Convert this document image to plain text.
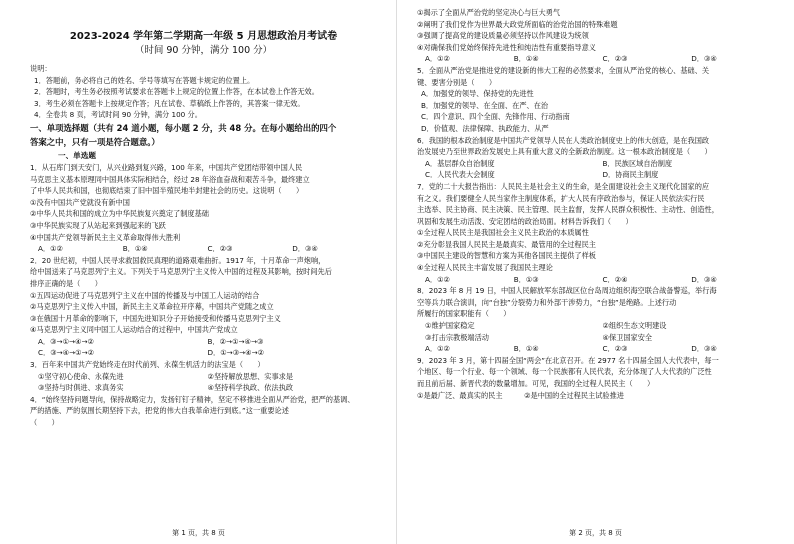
2023-2024 学年第二学期高一年级 5 月思想政治月考试卷
（时间 90 分钟，满分 100 分）
说明：
1．答题前，务必将自己的姓名、学号等填写在答题卡规定的位置上。
2．答题时，考生务必按照考试要求在答题卡上规定的位置上作答，在本试卷上作答无效。
3．考生必须在答题卡上按规定作答；凡在试卷、草稿纸上作答的，其答案一律无效。
4．全卷共 8 页，考试时间 90 分钟，满分 100 分。
一、单项选择题（共有 24 道小题，每小题 2 分，共 48 分。在每小题给出的四个
答案之中，只有一项是符合题意。）
一、单选题
1．从石库门到天安门，从兴业路到复兴路，100 年来，中国共产党团结带领中国人民
马克思主义基本原理同中国具体实际相结合，经过 28 年浴血奋战和艰苦斗争，最终建立
了中华人民共和国，也彻底结束了旧中国半殖民地半封建社会的历史。这说明（　　）
①没有中国共产党就没有新中国
②中华人民共和国的成立为中华民族复兴奠定了制度基础
③中华民族实现了从站起来到强起来的飞跃
④中国共产党领导新民主主义革命取得伟大胜利
A．①②	B．①④	C．②③	D．③④
2．20 世纪初，中国人民寻求救国救民真理的道路艰难曲折。1917 年，十月革命一声炮响，
给中国送来了马克思列宁主义。下列关于马克思列宁主义传入中国的过程及其影响，按时间先后
排序正确的是（　　）
①五四运动促进了马克思列宁主义在中国的传播及与中国工人运动的结合
②马克思列宁主义传入中国，新民主主义革命拉开序幕，中国共产党随之成立
③在俄国十月革命的影响下，中国先进知识分子开始接受和传播马克思列宁主义
④马克思列宁主义同中国工人运动结合的过程中，中国共产党成立
A．③→①→④→②	B．②→①→④→③
C．③→④→①→②	D．①→③→④→②
3．百年来中国共产党始终走在时代前列、永葆生机活力的法宝是（　　）
①坚守初心使命、永葆先进	②坚持解放思想、实事求是
③坚持与时俱进、求真务实	④坚持科学执政、依法执政
4．“始终坚持问题导向，保持战略定力，发扬钉钉子精神，坚定不移推进全面从严治党，把严的基调、
严的措施、严的氛围长期坚持下去，把党的伟大自我革命进行到底。”这一重要论述
（　　）
第 1 页，共 8 页
①揭示了全面从严治党的坚定决心与巨大勇气
②阐明了我们党作为世界最大政党所面临的治党治国的特殊难题
③强调了提高党的建设质量必须坚持以作风建设为统领
④对确保我们党始终保持先进性和纯洁性有重要指导意义
A．①②	B．①④	C．②③	D．③④
5．全面从严治党是推进党的建设新的伟大工程的必然要求，全面从严治党的核心、基础、关
键、要害分别是（　　）
A．加强党的领导、保持党的先进性
B．加强党的领导、在全面、在严、在治
C．四个意识、四个全面、先锋作用、行动指南
D．价值观、法律保障、执政能力、从严
6．我国的根本政治制度是中国共产党领导人民在人类政治制度史上的伟大创造，是在我国政
治发展史乃至世界政治发展史上具有重大意义的全新政治制度。这一根本政治制度是（　　）
A．基层群众自治制度	B．民族区域自治制度
C．人民代表大会制度	D．协商民主制度
7．党的二十大报告指出：人民民主是社会主义的生命，是全面建设社会主义现代化国家的应
有之义。我们要健全人民当家作主制度体系，扩大人民有序政治参与，保证人民依法实行民
主选举、民主协商、民主决策、民主管理、民主监督，发挥人民群众积极性、主动性、创造性，
巩固和发展生动活泼、安定团结的政治局面。材料告诉我们（　　）
①全过程人民民主是我国社会主义民主政治的本质属性
②充分彰显我国人民民主是最真实、最管用的全过程民主
③中国民主建设的智慧和方案为其他各国民主提供了样板
④全过程人民民主丰富发展了我国民主理论
A．①②	B．①③	C．②④	D．③④
8．2023 年 8 月 19 日，中国人民解放军东部战区位台岛周边组织海空联合战备警巡，举行海
空等兵力联合演训，向“台独”分裂势力和外部干涉势力，“台独”是绝路。上述行动
所履行的国家职能有（　　）
①维护国家稳定	②组织生态文明建设
③打击宗教极端活动	④保卫国家安全
A．①②	B．①④	C．②③	D．③④
9．2023 年 3 月，第十四届全国“两会”在北京召开。在 2977 名十四届全国人大代表中，每一
个地区、每一个行业、每一个领域、每一个民族都有人民代表，充分体现了人大代表的广泛性
而且前后届、新晋代表的数量增加。可见，我国的全过程人民民主（　　）
①是最广泛、最真实的民主　　　②是中国的全过程民主试验推进
第 2 页，共 8 页
